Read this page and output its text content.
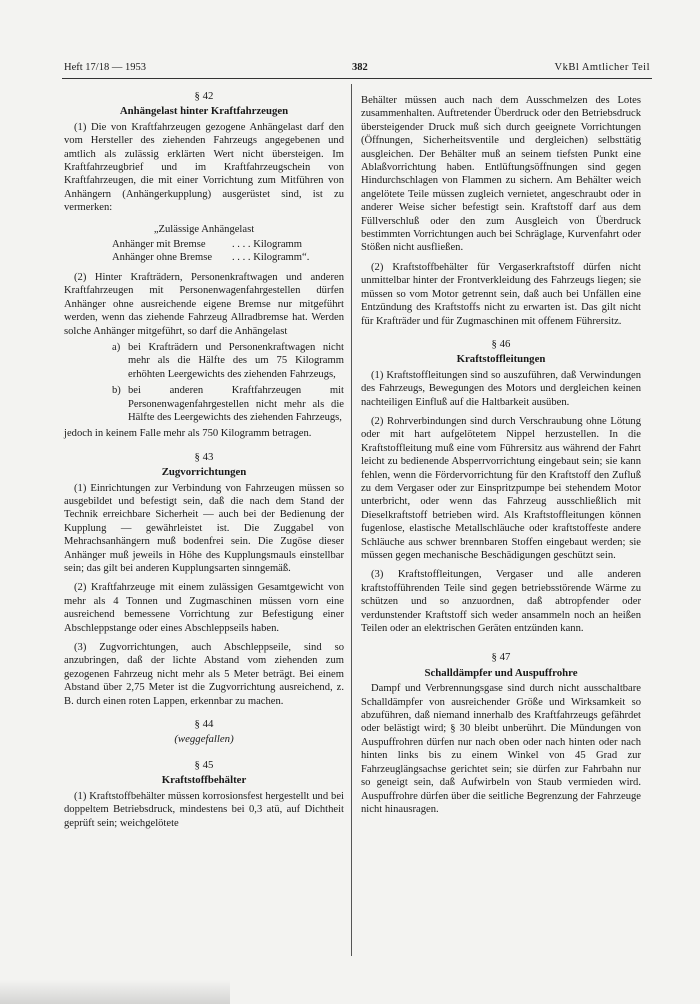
Heft 17/18 — 1953	382	VkBl Amtlicher Teil
§ 42
Anhängelast hinter Kraftfahrzeugen

(1) Die von Kraftfahrzeugen gezogene Anhängelast darf den vom Hersteller des ziehenden Fahrzeugs angegebenen und amtlich als zulässig erklärten Wert nicht übersteigen. Im Kraftfahrzeugbrief und im Kraftfahrzeugschein von Kraftfahrzeugen, die mit einer Vorrichtung zum Mitführen von Anhängern (Anhängerkupplung) ausgerüstet sind, ist zu vermerken:

„Zulässige Anhängelast
Anhänger mit Bremse	. . . . Kilogramm
Anhänger ohne Bremse	. . . . Kilogramm“.

(2) Hinter Krafträdern, Personenkraftwagen und anderen Kraftfahrzeugen mit Personenwagenfahrgestellen dürfen Anhänger ohne ausreichende eigene Bremse nur mitgeführt werden, wenn das ziehende Fahrzeug Allradbremse hat. Werden solche Anhänger mitgeführt, so darf die Anhängelast

a) bei Krafträdern und Personenkraftwagen nicht mehr als die Hälfte des um 75 Kilogramm erhöhten Leergewichts des ziehenden Fahrzeugs,
b) bei anderen Kraftfahrzeugen mit Personenwagenfahrgestellen nicht mehr als die Hälfte des Leergewichts des ziehenden Fahrzeugs,

jedoch in keinem Falle mehr als 750 Kilogramm betragen.

§ 43
Zugvorrichtungen

(1) Einrichtungen zur Verbindung von Fahrzeugen müssen so ausgebildet und befestigt sein, daß die nach dem Stand der Technik erreichbare Sicherheit — auch bei der Bedienung der Kupplung — gewährleistet ist. Die Zuggabel von Mehrachsanhängern muß bodenfrei sein. Die Zugöse dieser Anhänger muß jeweils in Höhe des Kupplungsmauls einstellbar sein; das gilt bei anderen Kupplungsarten sinngemäß.

(2) Kraftfahrzeuge mit einem zulässigen Gesamtgewicht von mehr als 4 Tonnen und Zugmaschinen müssen vorn eine ausreichend bemessene Vorrichtung zur Befestigung einer Abschleppstange oder eines Abschleppseils haben.

(3) Zugvorrichtungen, auch Abschleppseile, sind so anzubringen, daß der lichte Abstand vom ziehenden zum gezogenen Fahrzeug nicht mehr als 5 Meter beträgt. Bei einem Abstand über 2,75 Meter ist die Zugvorrichtung ausreichend, z. B. durch einen roten Lappen, erkennbar zu machen.

§ 44
(weggefallen)
§ 45
Kraftstoffbehälter

(1) Kraftstoffbehälter müssen korrosionsfest hergestellt und bei doppeltem Betriebsdruck, mindestens bei 0,3 atü, auf Dichtheit geprüft sein; weichgelötete

Behälter müssen auch nach dem Ausschmelzen des Lotes zusammenhalten. Auftretender Überdruck oder den Betriebsdruck übersteigender Druck muß sich durch geeignete Vorrichtungen (Öffnungen, Sicherheitsventile und dergleichen) selbsttätig ausgleichen. Der Behälter muß an seinem tiefsten Punkt eine Ablaßvorrichtung haben. Entlüftungsöffnungen sind gegen Hindurchschlagen von Flammen zu sichern. Am Behälter weich angelötete Teile müssen zugleich vernietet, angeschraubt oder in anderer Weise sicher befestigt sein. Kraftstoff darf aus dem Füllverschluß oder den zum Ausgleich von Überdruck bestimmten Vorrichtungen auch bei Schräglage, Kurvenfahrt oder Stößen nicht ausfließen.

(2) Kraftstoffbehälter für Vergaserkraftstoff dürfen nicht unmittelbar hinter der Frontverkleidung des Fahrzeugs liegen; sie müssen so vom Motor getrennt sein, daß auch bei Unfällen eine Entzündung des Kraftstoffs nicht zu erwarten ist. Das gilt nicht für Krafträder und für Zugmaschinen mit offenem Führersitz.

§ 46
Kraftstoffleitungen

(1) Kraftstoffleitungen sind so auszuführen, daß Verwindungen des Fahrzeugs, Bewegungen des Motors und dergleichen keinen nachteiligen Einfluß auf die Haltbarkeit ausüben.

(2) Rohrverbindungen sind durch Verschraubung ohne Lötung oder mit hart aufgelötetem Nippel herzustellen. In die Kraftstoffleitung muß eine vom Führersitz aus während der Fahrt leicht zu bedienende Absperrvorrichtung eingebaut sein; sie kann fehlen, wenn die Fördervorrichtung für den Kraftstoff den Zufluß zu dem Vergaser oder zur Einspritzpumpe bei stehendem Motor unterbricht, oder wenn das Fahrzeug ausschließlich mit Dieselkraftstoff betrieben wird. Als Kraftstoffleitungen können fugenlose, elastische Metallschläuche oder kraftstoffeste andere Schläuche aus schwer brennbaren Stoffen eingebaut werden; sie müssen gegen mechanische Beschädigungen geschützt sein.

(3) Kraftstoffleitungen, Vergaser und alle anderen kraftstofführenden Teile sind gegen betriebsstörende Wärme zu schützen und so anzuordnen, daß abtropfender oder verdunstender Kraftstoff sich weder ansammeln noch an heißen Teilen oder an elektrischen Geräten entzünden kann.

§ 47
Schalldämpfer und Auspuffrohre

Dampf und Verbrennungsgase sind durch nicht ausschaltbare Schalldämpfer von ausreichender Größe und Wirksamkeit so abzuführen, daß niemand innerhalb des Kraftfahrzeugs gefährdet oder belästigt wird; § 30 bleibt unberührt. Die Mündungen von Auspuffrohren dürfen nur nach oben oder nach hinten oder nach hinten links bis zu einem Winkel von 45 Grad zur Fahrzeuglängsachse gerichtet sein; sie dürfen zur Fahrbahn nur so geneigt sein, daß Aufwirbeln von Staub vermieden wird. Auspuffrohre dürfen über die seitliche Begrenzung der Fahrzeuge nicht hinausragen.
